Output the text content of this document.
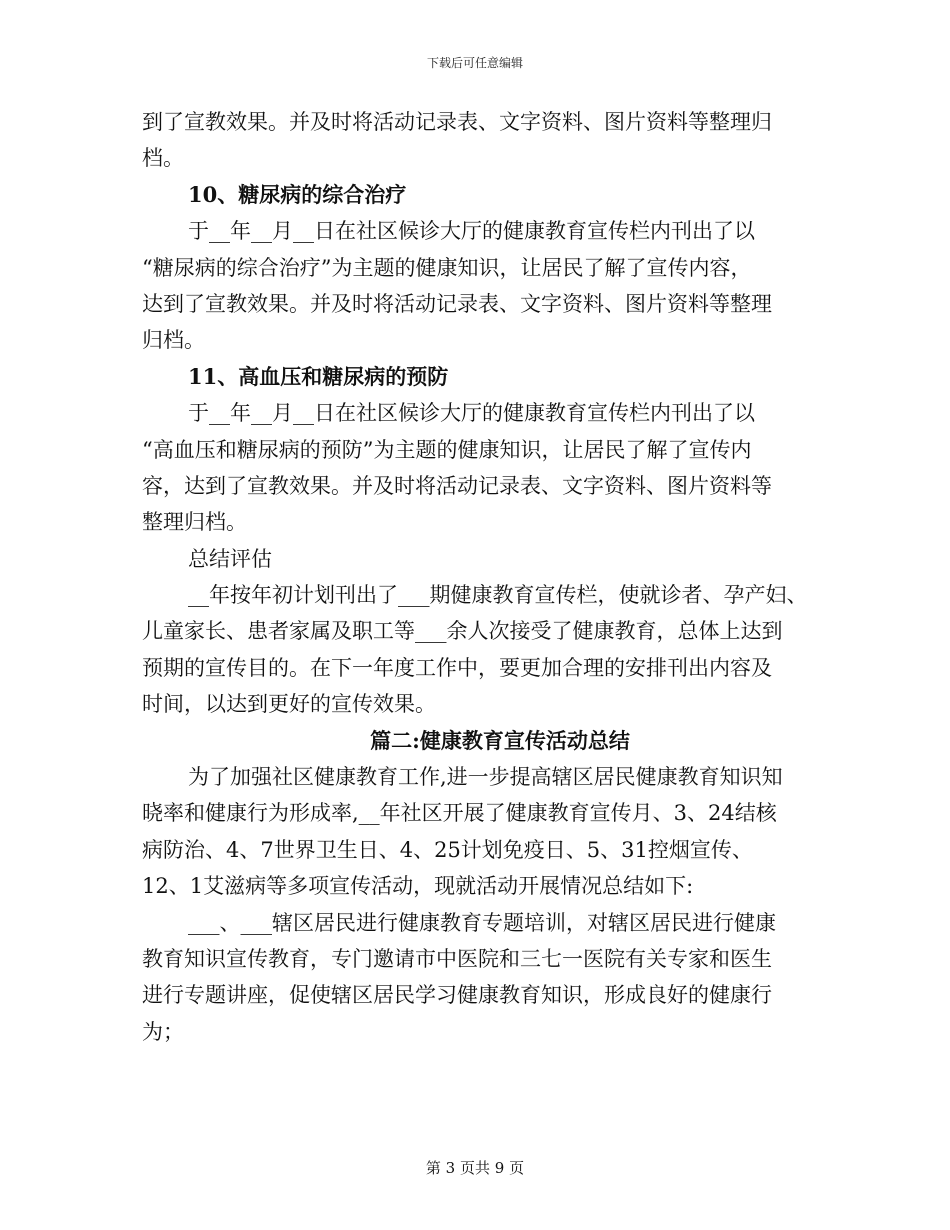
下载后可任意编辑
到了宣教效果。并及时将活动记录表、文字资料、图片资料等整理归
档。
10、糖尿病的综合治疗
于__年__月__日在社区候诊大厅的健康教育宣传栏内刊出了以
“糖尿病的综合治疗”为主题的健康知识，让居民了解了宣传内容，
达到了宣教效果。并及时将活动记录表、文字资料、图片资料等整理
归档。
11、高血压和糖尿病的预防
于__年__月__日在社区候诊大厅的健康教育宣传栏内刊出了以
“高血压和糖尿病的预防”为主题的健康知识，让居民了解了宣传内
容，达到了宣教效果。并及时将活动记录表、文字资料、图片资料等
整理归档。
总结评估
__年按年初计划刊出了___期健康教育宣传栏，使就诊者、孕产妇、
儿童家长、患者家属及职工等___余人次接受了健康教育，总体上达到
预期的宣传目的。在下一年度工作中，要更加合理的安排刊出内容及
时间，以达到更好的宣传效果。
篇二:健康教育宣传活动总结
为了加强社区健康教育工作,进一步提高辖区居民健康教育知识知
晓率和健康行为形成率,__年社区开展了健康教育宣传月、3、24结核
病防治、4、7世界卫生日、4、25计划免疫日、5、31控烟宣传、
12、1艾滋病等多项宣传活动，现就活动开展情况总结如下:
___、___辖区居民进行健康教育专题培训，对辖区居民进行健康
教育知识宣传教育，专门邀请市中医院和三七一医院有关专家和医生
进行专题讲座，促使辖区居民学习健康教育知识，形成良好的健康行
为；
第 3 页共 9 页
